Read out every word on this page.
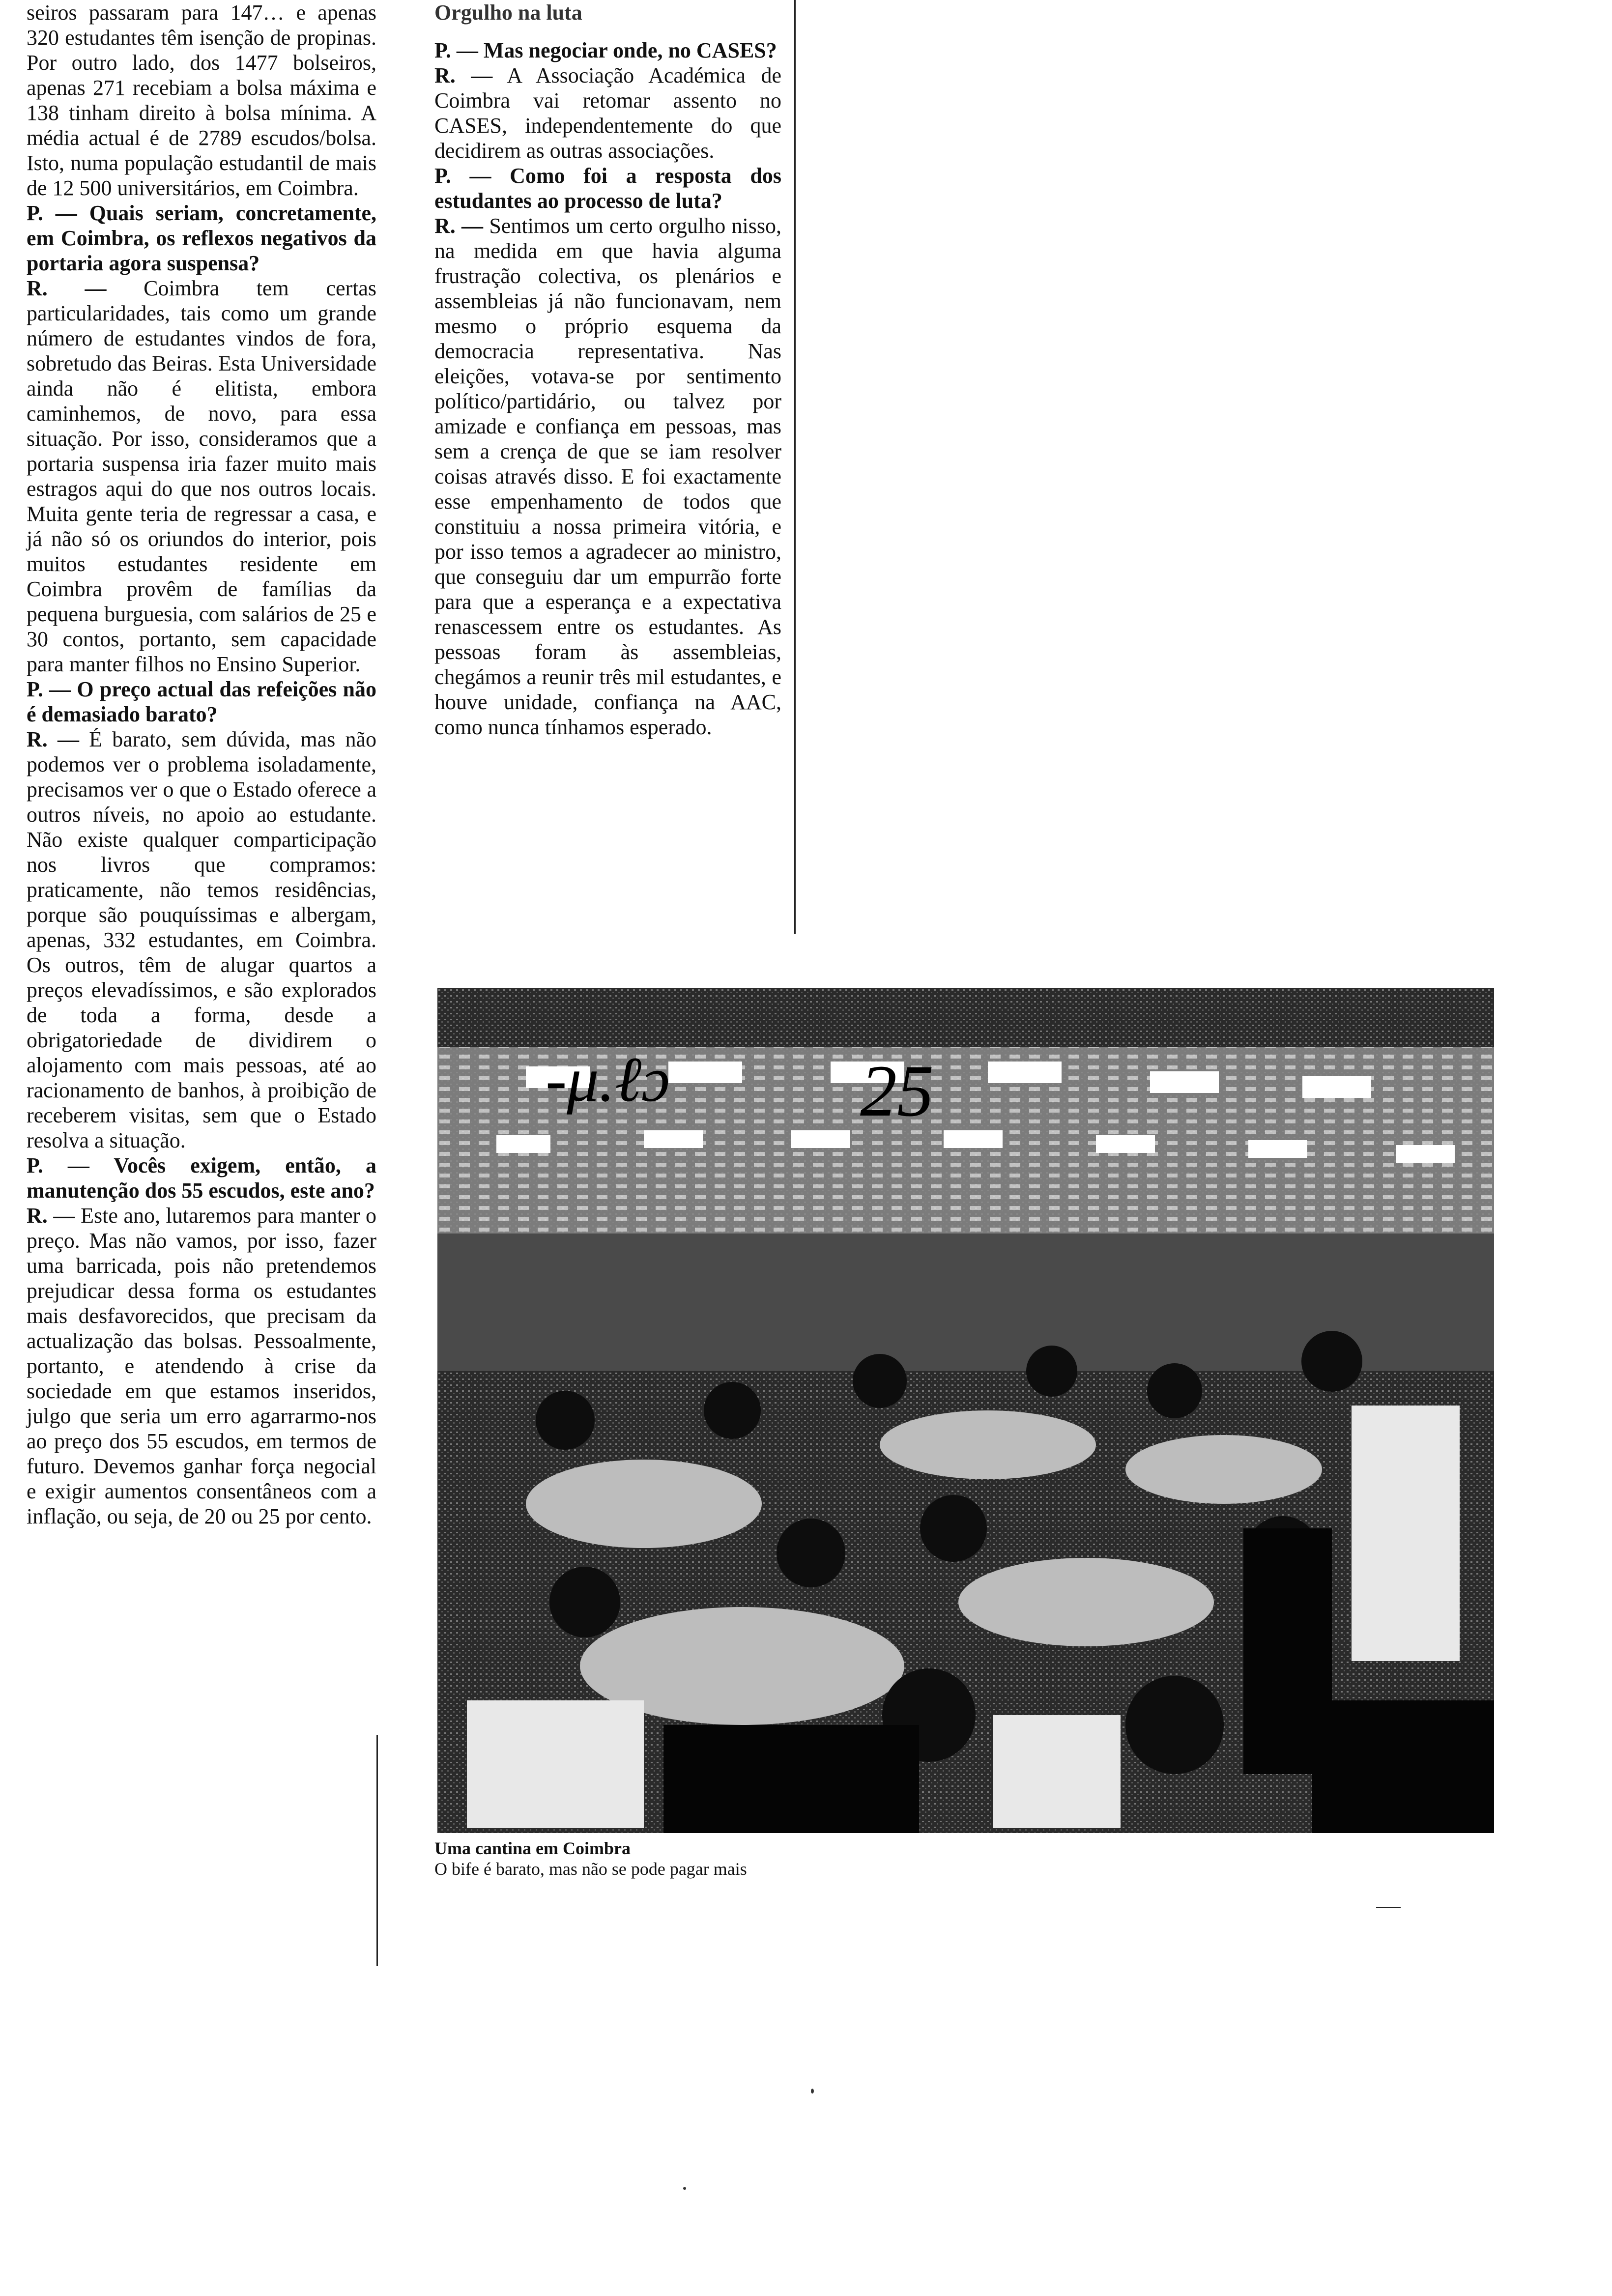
seiros passaram para 147… e apenas 320 estudantes têm isenção de propinas. Por outro lado, dos 1477 bolseiros, apenas 271 recebiam a bolsa máxima e 138 tinham direito à bolsa mínima. A média actual é de 2789 escudos/bolsa. Isto, numa população estudantil de mais de 12 500 universitários, em Coimbra.

P. — Quais seriam, concretamente, em Coimbra, os reflexos negativos da portaria agora suspensa?

R. — Coimbra tem certas particularidades, tais como um grande número de estudantes vindos de fora, sobretudo das Beiras. Esta Universidade ainda não é elitista, embora caminhemos, de novo, para essa situação. Por isso, consideramos que a portaria suspensa iria fazer muito mais estragos aqui do que nos outros locais. Muita gente teria de regressar a casa, e já não só os oriundos do interior, pois muitos estudantes residente em Coimbra provêm de famílias da pequena burguesia, com salários de 25 e 30 contos, portanto, sem capacidade para manter filhos no Ensino Superior.

P. — O preço actual das refeições não é demasiado barato?

R. — É barato, sem dúvida, mas não podemos ver o problema isoladamente, precisamos ver o que o Estado oferece a outros níveis, no apoio ao estudante. Não existe qualquer comparticipação nos livros que compramos: praticamente, não temos residências, porque são pouquíssimas e albergam, apenas, 332 estudantes, em Coimbra. Os outros, têm de alugar quartos a preços elevadíssimos, e são explorados de toda a forma, desde a obrigatoriedade de dividirem o alojamento com mais pessoas, até ao racionamento de banhos, à proibição de receberem visitas, sem que o Estado resolva a situação.

P. — Vocês exigem, então, a manutenção dos 55 escudos, este ano?

R. — Este ano, lutaremos para manter o preço. Mas não vamos, por isso, fazer uma barricada, pois não pretendemos prejudicar dessa forma os estudantes mais desfavorecidos, que precisam da actualização das bolsas. Pessoalmente, portanto, e atendendo à crise da sociedade em que estamos inseridos, julgo que seria um erro agarrarmo-nos ao preço dos 55 escudos, em termos de futuro. Devemos ganhar força negocial e exigir aumentos consentâneos com a inflação, ou seja, de 20 ou 25 por cento.

Orgulho na luta

P. — Mas negociar onde, no CASES?

R. — A Associação Académica de Coimbra vai retomar assento no CASES, independentemente do que decidirem as outras associações.

P. — Como foi a resposta dos estudantes ao processo de luta?

R. — Sentimos um certo orgulho nisso, na medida em que havia alguma frustração colectiva, os plenários e assembleias já não funcionavam, nem mesmo o próprio esquema da democracia representativa. Nas eleições, votava-se por sentimento político/partidário, ou talvez por amizade e confiança em pessoas, mas sem a crença de que se iam resolver coisas através disso. E foi exactamente esse empenhamento de todos que constituiu a nossa primeira vitória, e por isso temos a agradecer ao ministro, que conseguiu dar um empurrão forte para que a esperança e a expectativa renascessem entre os estudantes. As pessoas foram às assembleias, chegámos a reunir três mil estudantes, e houve unidade, confiança na AAC, como nunca tínhamos esperado.

-μ.ℓɔ	25
Uma cantina em Coimbra
O bife é barato, mas não se pode pagar mais
